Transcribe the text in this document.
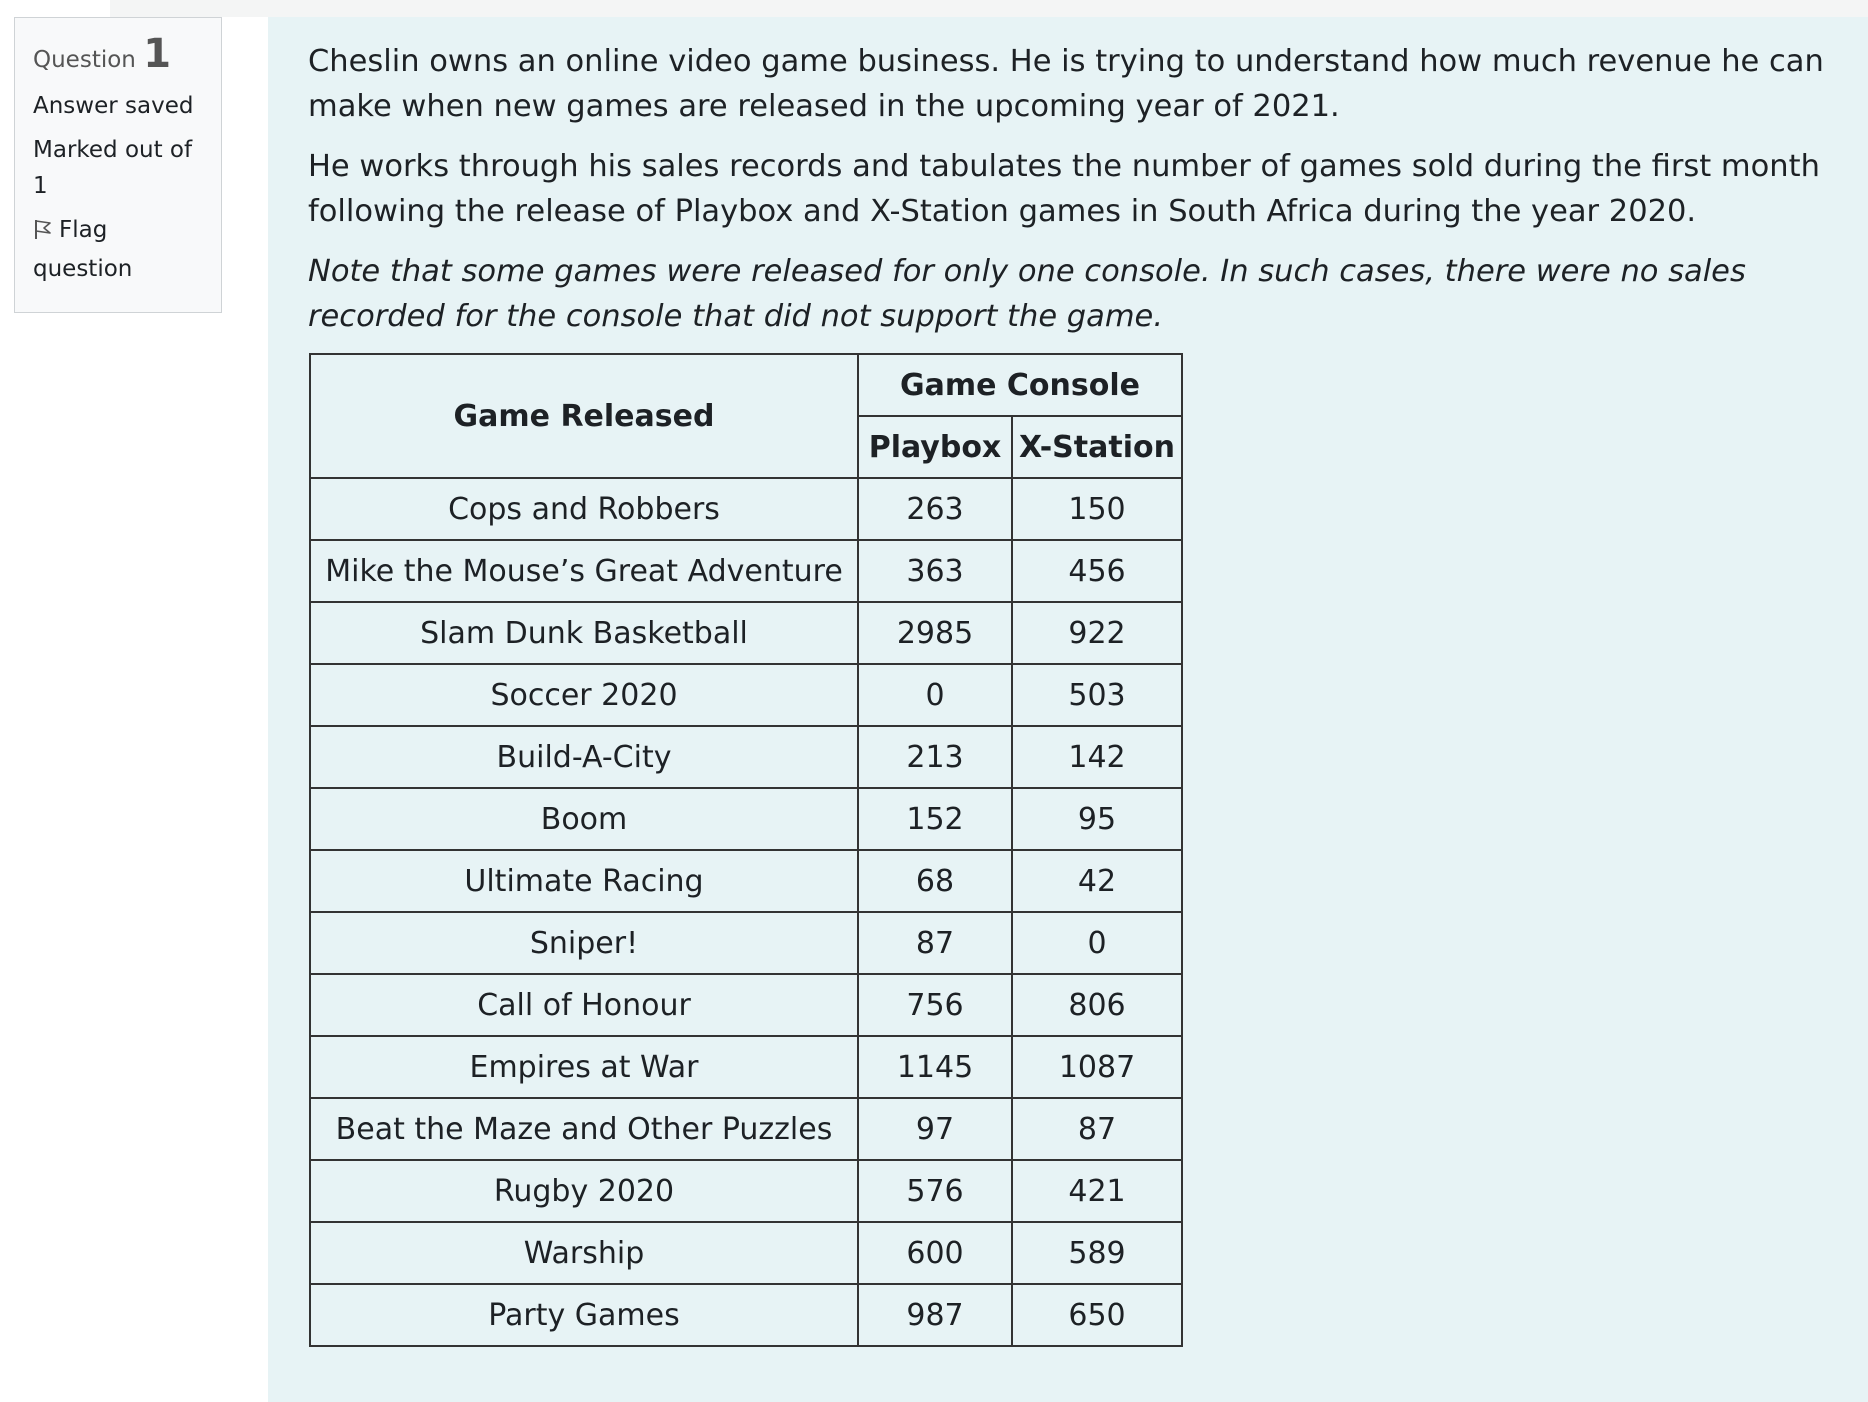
Question 1
Answer saved
Marked out of
1
Flag
question

Cheslin owns an online video game business. He is trying to understand how much revenue he can make when new games are released in the upcoming year of 2021.

He works through his sales records and tabulates the number of games sold during the first month following the release of Playbox and X-Station games in South Africa during the year 2020.

Note that some games were released for only one console. In such cases, there were no sales recorded for the console that did not support the game.

Game Released	Game Console	
	Playbox	X-Station
Cops and Robbers	263	150
Mike the Mouse’s Great Adventure	363	456
Slam Dunk Basketball	2985	922
Soccer 2020	0	503
Build-A-City	213	142
Boom	152	95
Ultimate Racing	68	42
Sniper!	87	0
Call of Honour	756	806
Empires at War	1145	1087
Beat the Maze and Other Puzzles	97	87
Rugby 2020	576	421
Warship	600	589
Party Games	987	650
